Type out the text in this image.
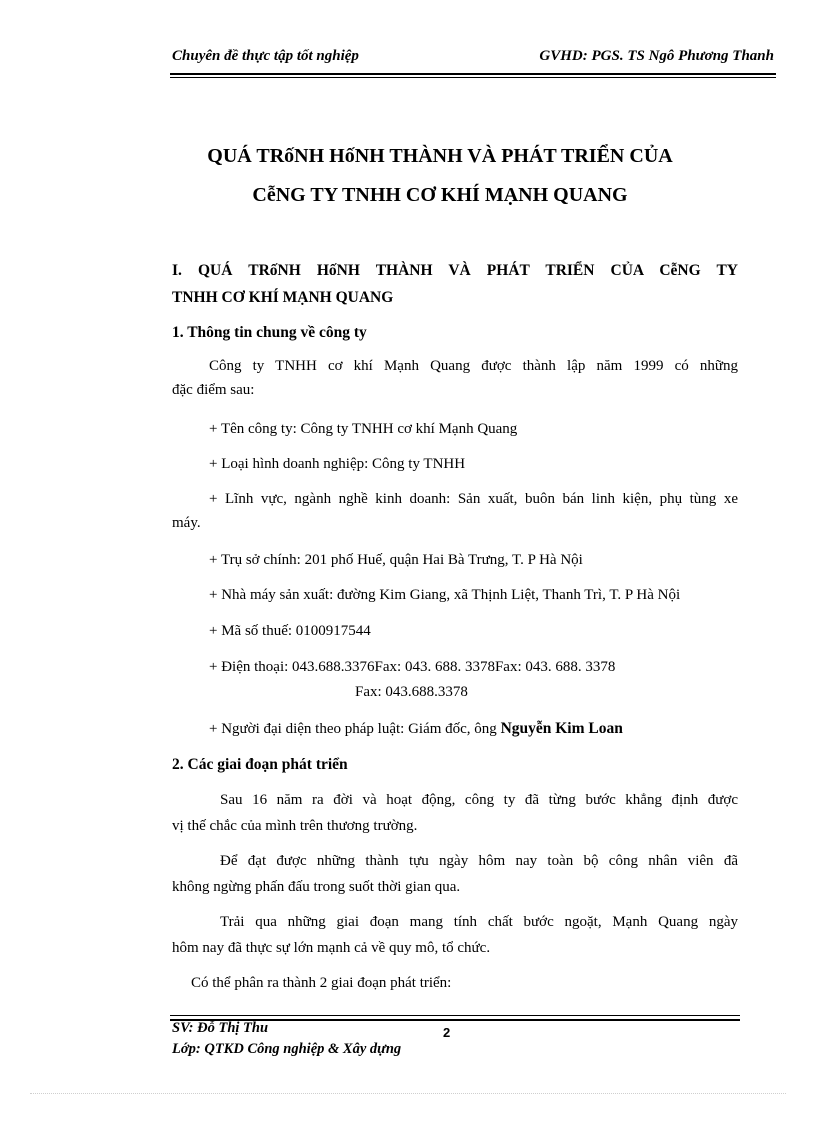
Chuyên đề thực tập tốt nghiệp	GVHD: PGS. TS Ngô Phương Thanh
QUÁ TRốNH HốNH THÀNH VÀ PHÁT TRIỂN CỦA
CễNG TY TNHH CƠ KHÍ MẠNH QUANG
I. QUÁ TRốNH HốNH THÀNH VÀ PHÁT TRIỂN CỦA CễNG TY
TNHH CƠ KHÍ MẠNH QUANG
1. Thông tin chung về công ty
Công ty TNHH cơ khí Mạnh Quang được thành lập năm 1999 có những
đặc điểm sau:
+ Tên công ty: Công ty TNHH cơ khí Mạnh Quang
+ Loại hình doanh nghiệp: Công ty TNHH
+ Lĩnh vực, ngành nghề kinh doanh: Sản xuất, buôn bán linh kiện, phụ tùng xe
máy.
+ Trụ sở chính: 201 phố Huế, quận Hai Bà Trưng, T. P Hà Nội
+ Nhà máy sản xuất: đường Kim Giang, xã Thịnh Liệt, Thanh Trì, T. P Hà Nội
+ Mã số thuế: 0100917544
+ Điện thoại: 043.688.3376Fax: 043. 688. 3378Fax: 043. 688. 3378
Fax: 043.688.3378
+ Người đại diện theo pháp luật: Giám đốc, ông Nguyễn Kim Loan
2. Các giai đoạn phát triển
Sau 16 năm ra đời và hoạt động, công ty đã từng bước khẳng định được
vị thế chắc của mình trên thương trường.
Để đạt được những thành tựu ngày hôm nay toàn bộ công nhân viên đã
không ngừng phấn đấu trong suốt thời gian qua.
Trải qua những giai đoạn mang tính chất bước ngoặt, Mạnh Quang ngày
hôm nay đã thực sự lớn mạnh cả về quy mô, tổ chức.
Có thể phân ra thành 2 giai đoạn phát triển:
SV: Đỗ Thị Thu	2
Lớp: QTKD Công nghiệp & Xây dựng
